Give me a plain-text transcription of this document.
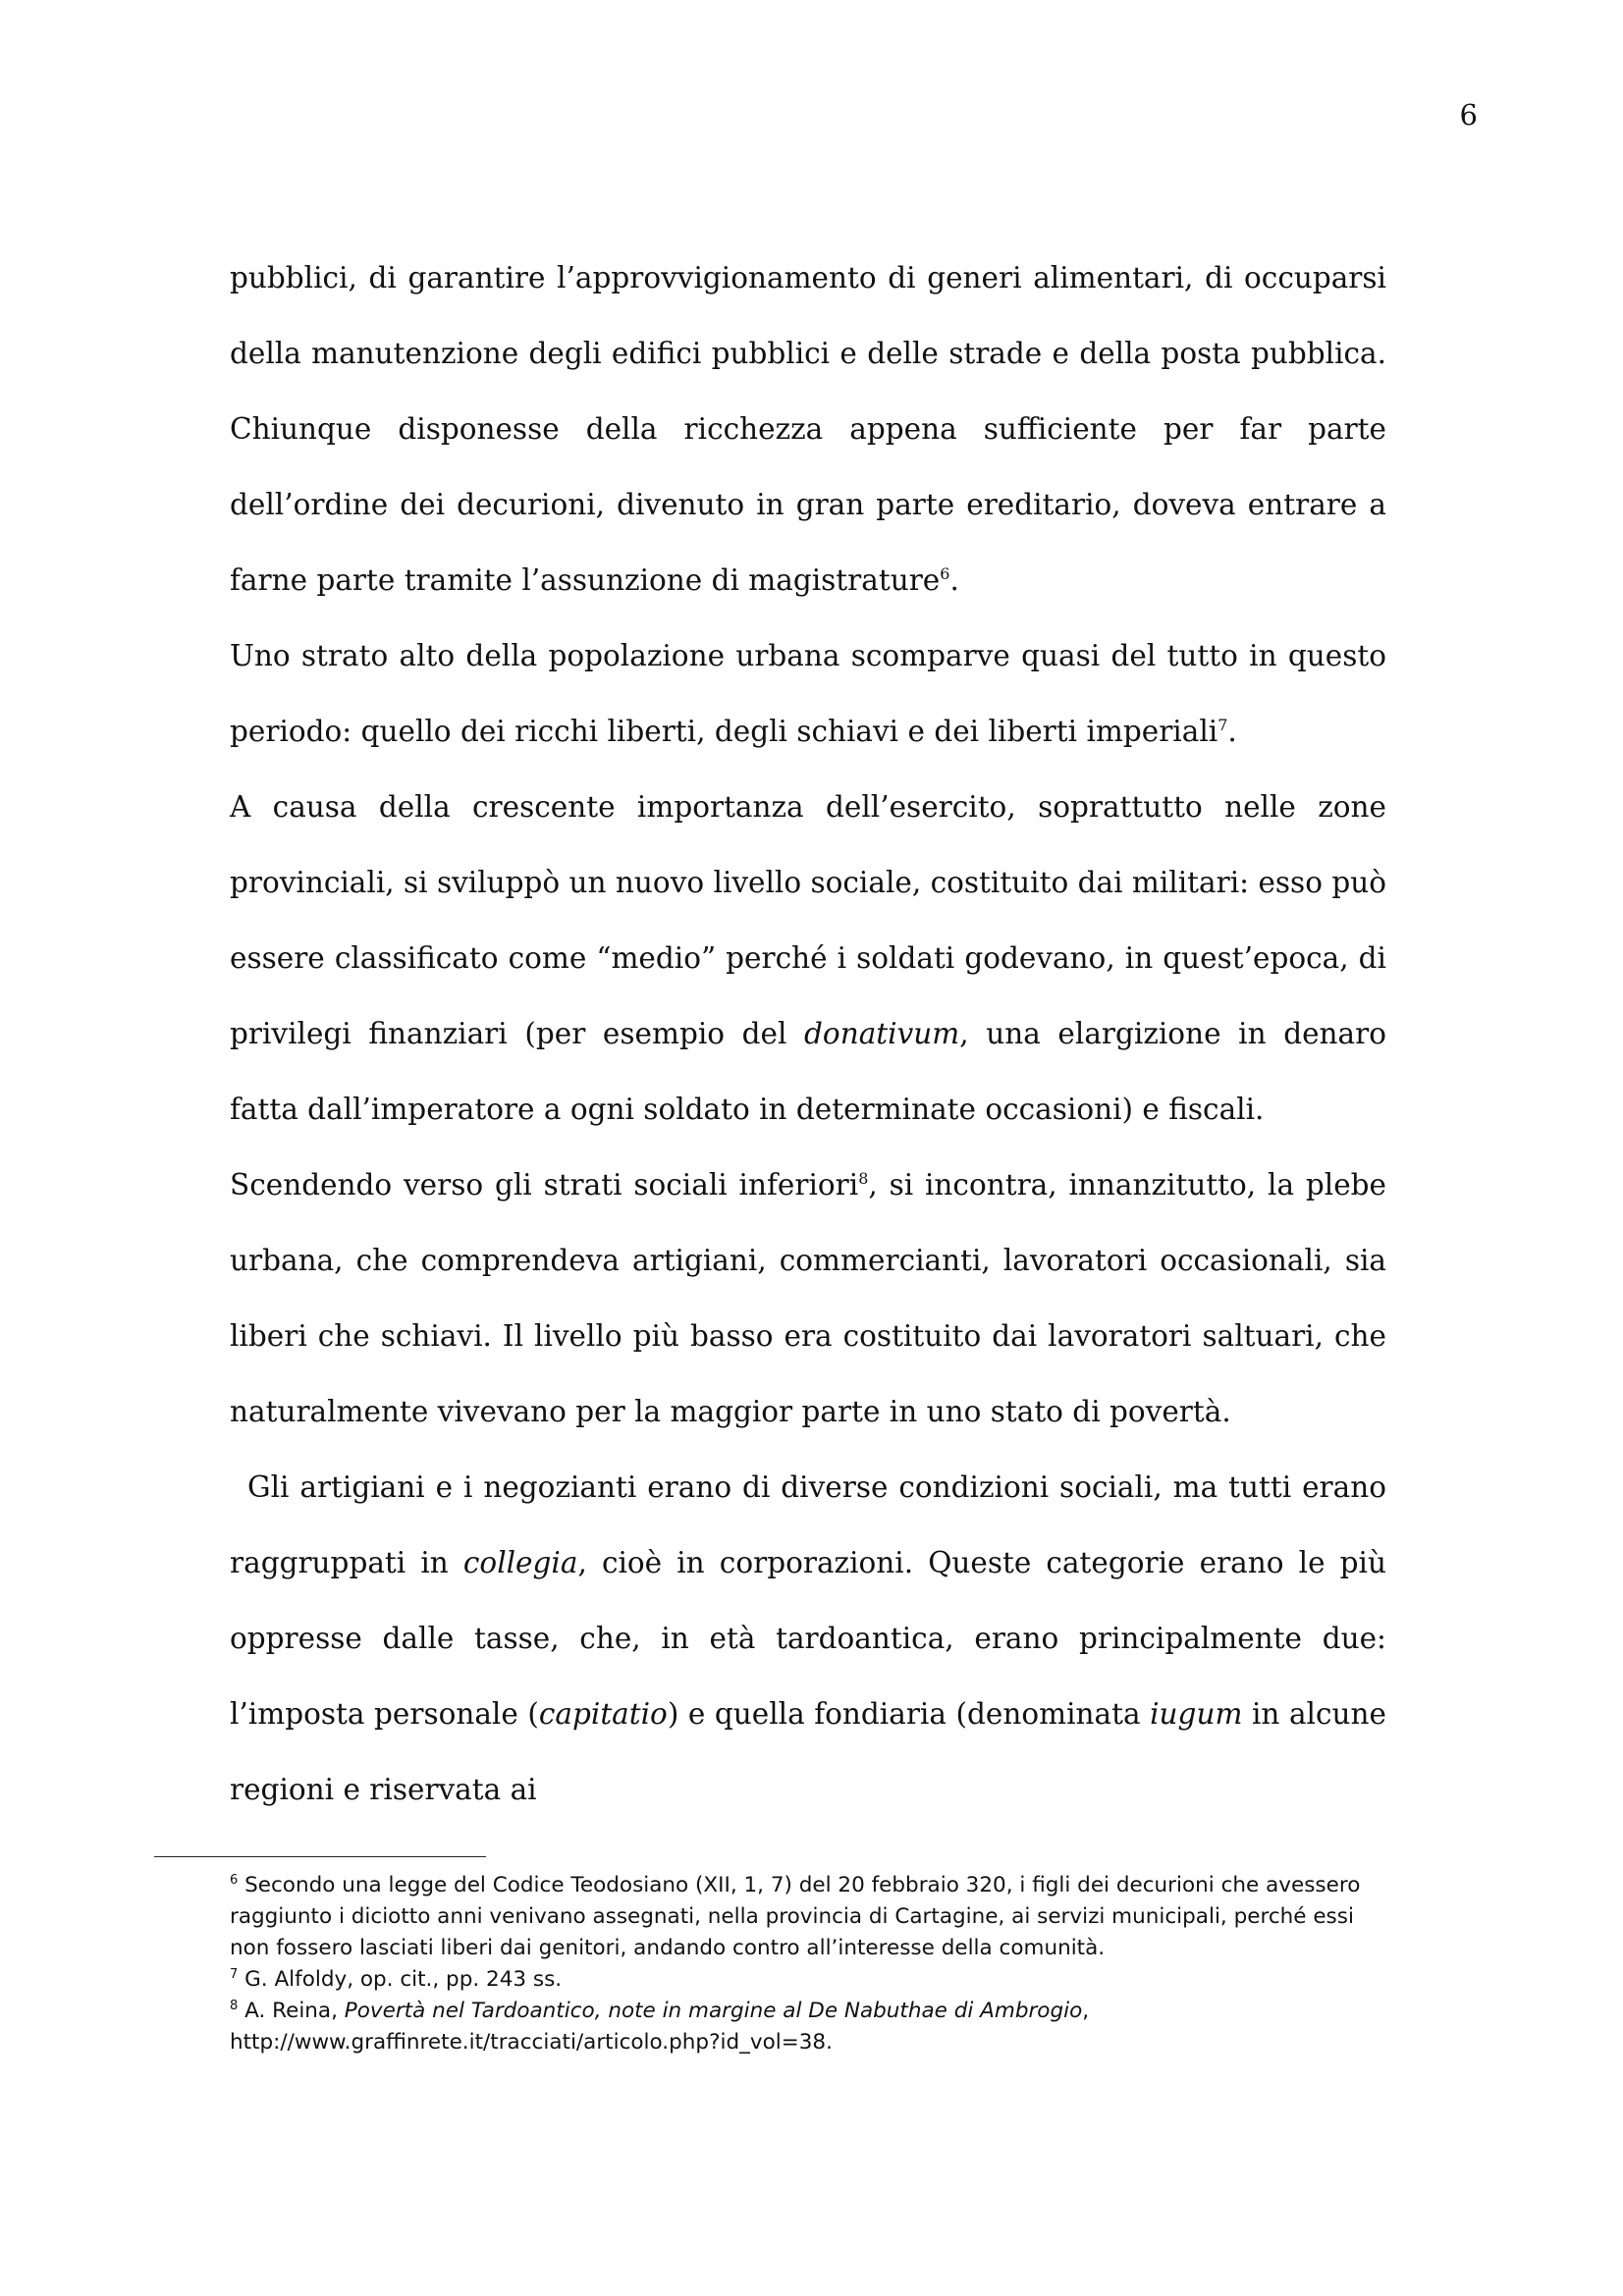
6

pubblici, di garantire l’approvvigionamento di generi alimentari, di occuparsi della manutenzione degli edifici pubblici e delle strade e della posta pubblica. Chiunque disponesse della ricchezza appena sufficiente per far parte dell’ordine dei decurioni, divenuto in gran parte ereditario, doveva entrare a farne parte tramite l’assunzione di magistrature$^6$.

Uno strato alto della popolazione urbana scomparve quasi del tutto in questo periodo: quello dei ricchi liberti, degli schiavi e dei liberti imperiali$^7$.

A causa della crescente importanza dell’esercito, soprattutto nelle zone provinciali, si sviluppò un nuovo livello sociale, costituito dai militari: esso può essere classificato come “medio” perché i soldati godevano, in quest’epoca, di privilegi finanziari (per esempio del donativum, una elargizione in denaro fatta dall’imperatore a ogni soldato in determinate occasioni) e fiscali.

Scendendo verso gli strati sociali inferiori$^8$, si incontra, innanzitutto, la plebe urbana, che comprendeva artigiani, commercianti, lavoratori occasionali, sia liberi che schiavi. Il livello più basso era costituito dai lavoratori saltuari, che naturalmente vivevano per la maggior parte in uno stato di povertà.

Gli artigiani e i negozianti erano di diverse condizioni sociali, ma tutti erano raggruppati in collegia, cioè in corporazioni. Queste categorie erano le più oppresse dalle tasse, che, in età tardoantica, erano principalmente due: l’imposta personale (capitatio) e quella fondiaria (denominata iugum in alcune regioni e riservata ai

$^6$ Secondo una legge del Codice Teodosiano (XII, 1, 7) del 20 febbraio 320, i figli dei decurioni che avessero raggiunto i diciotto anni venivano assegnati, nella provincia di Cartagine, ai servizi municipali, perché essi non fossero lasciati liberi dai genitori, andando contro all’interesse della comunità.

$^7$ G. Alfoldy, op. cit., pp. 243 ss.

$^8$ A. Reina, Povertà nel Tardoantico, note in margine al De Nabuthae di Ambrogio,
http://www.graffinrete.it/tracciati/articolo.php?id_vol=38.
